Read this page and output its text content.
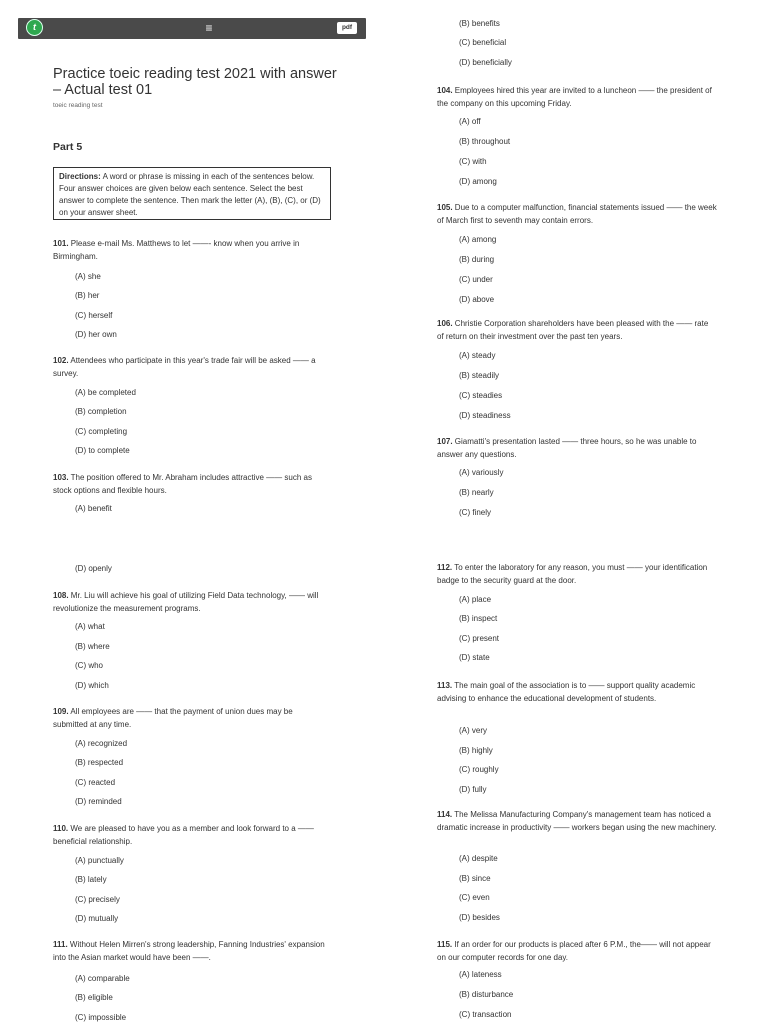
t	≡	pdf
Practice toeic reading test 2021 with answer – Actual test 01
toeic reading test
Part 5
Directions: A word or phrase is missing in each of the sentences below. Four answer choices are given below each sentence. Select the best answer to complete the sentence. Then mark the letter (A), (B), (C), or (D) on your answer sheet.
101. Please e-mail Ms. Matthews to let ——- know when you arrive in Birmingham.
(A) she
(B) her
(C) herself
(D) her own
102. Attendees who participate in this year's trade fair will be asked —— a survey.
(A) be completed
(B) completion
(C) completing
(D) to complete
103. The position offered to Mr. Abraham includes attractive —— such as stock options and flexible hours.
(A) benefit
(B) benefits
(C) beneficial
(D) beneficially
104. Employees hired this year are invited to a luncheon —— the president of the company on this upcoming Friday.
(A) off
(B) throughout
(C) with
(D) among
105. Due to a computer malfunction, financial statements issued —— the week of March first to seventh may contain errors.
(A) among
(B) during
(C) under
(D) above
106. Christie Corporation shareholders have been pleased with the —— rate of return on their investment over the past ten years.
(A) steady
(B) steadily
(C) steadies
(D) steadiness
107. Giamatti's presentation lasted —— three hours, so he was unable to answer any questions.
(A) variously
(B) nearly
(C) finely
(D) openly
108. Mr. Liu will achieve his goal of utilizing Field Data technology, —— will revolutionize the measurement programs.
(A) what
(B) where
(C) who
(D) which
109. All employees are —— that the payment of union dues may be submitted at any time.
(A) recognized
(B) respected
(C) reacted
(D) reminded
110. We are pleased to have you as a member and look forward to a —— beneficial relationship.
(A) punctually
(B) lately
(C) precisely
(D) mutually
111. Without Helen Mirren's strong leadership, Fanning Industries' expansion into the Asian market would have been ——.
(A) comparable
(B) eligible
(C) impossible
112. To enter the laboratory for any reason, you must —— your identification badge to the security guard at the door.
(A) place
(B) inspect
(C) present
(D) state
113. The main goal of the association is to —— support quality academic advising to enhance the educational development of students.
(A) very
(B) highly
(C) roughly
(D) fully
114. The Melissa Manufacturing Company's management team has noticed a dramatic increase in productivity —— workers began using the new machinery.
(A) despite
(B) since
(C) even
(D) besides
115. If an order for our products is placed after 6 P.M., the—— will not appear on our computer records for one day.
(A) lateness
(B) disturbance
(C) transaction
